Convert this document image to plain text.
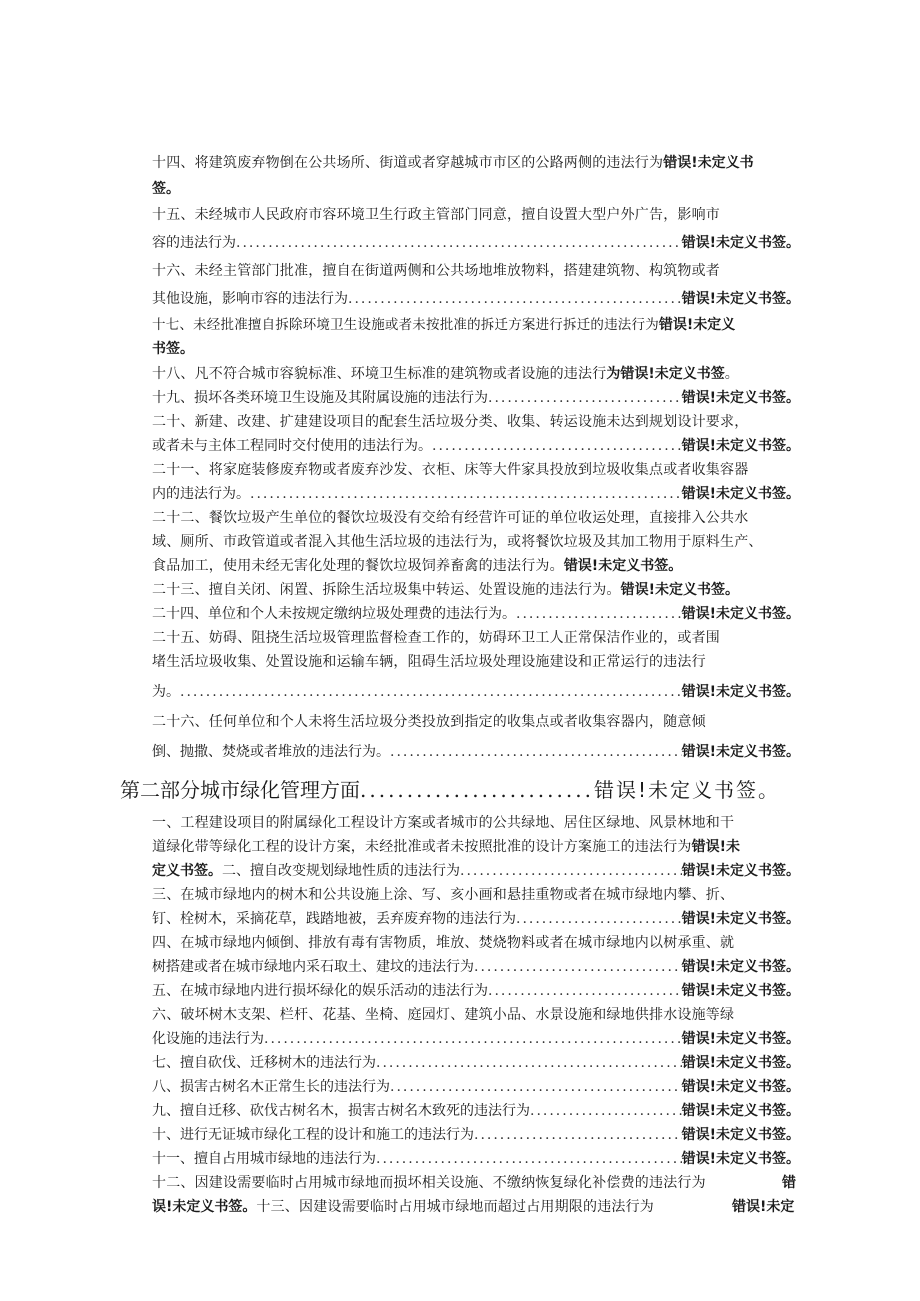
十四、将建筑废弃物倒在公共场所、街道或者穿越城市市区的公路两侧的违法行为错误!未定义书
签。
十五、未经城市人民政府市容环境卫生行政主管部门同意，擅自设置大型户外广告，影响市
容的违法行为 .....	错误!未定义书签。
十六、未经主管部门批准，擅自在街道两侧和公共场地堆放物料，搭建建筑物、构筑物或者
其他设施，影响市容的违法行为 .....	错误!未定义书签。
十七、未经批准擅自拆除环境卫生设施或者未按批准的拆迁方案进行拆迁的违法行为错误!未定义
书签。
十八、凡不符合城市容貌标准、环境卫生标准的建筑物或者设施的违法行为错误!未定义书签。
十九、损坏各类环境卫生设施及其附属设施的违法行为 .....	错误!未定义书签。
二十、新建、改建、扩建建设项目的配套生活垃圾分类、收集、转运设施未达到规划设计要求，
或者未与主体工程同时交付使用的违法行为。 .....	错误!未定义书签。
二十一、将家庭装修废弃物或者废弃沙发、衣柜、床等大件家具投放到垃圾收集点或者收集容器
内的违法行为。 .....	错误!未定义书签。
二十二、餐饮垃圾产生单位的餐饮垃圾没有交给有经营许可证的单位收运处理，直接排入公共水
域、厕所、市政管道或者混入其他生活垃圾的违法行为，或将餐饮垃圾及其加工物用于原料生产、
食品加工，使用未经无害化处理的餐饮垃圾饲养畜禽的违法行为。错误!未定义书签。
二十三、擅自关闭、闲置、拆除生活垃圾集中转运、处置设施的违法行为。错误!未定义书签。
二十四、单位和个人未按规定缴纳垃圾处理费的违法行为。 .....	错误!未定义书签。
二十五、妨碍、阻挠生活垃圾管理监督检查工作的，妨碍环卫工人正常保洁作业的，或者围
堵生活垃圾收集、处置设施和运输车辆，阻碍生活垃圾处理设施建设和正常运行的违法行
为。 .....	错误!未定义书签。
二十六、任何单位和个人未将生活垃圾分类投放到指定的收集点或者收集容器内，随意倾
倒、抛撒、焚烧或者堆放的违法行为。 .....	错误!未定义书签。
第二部分城市绿化管理方面 .....	错误!未定义书签。
一、工程建设项目的附属绿化工程设计方案或者城市的公共绿地、居住区绿地、风景林地和干
道绿化带等绿化工程的设计方案，未经批准或者未按照批准的设计方案施工的违法行为错误!未
定义书签。二、擅自改变规划绿地性质的违法行为 .....	错误!未定义书签。
三、在城市绿地内的树木和公共设施上涂、写、亥小画和悬挂重物或者在城市绿地内攀、折、
钉、栓树木，采摘花草，践踏地被，丢弃废弃物的违法行为 .....	错误!未定义书签。
四、在城市绿地内倾倒、排放有毒有害物质，堆放、焚烧物料或者在城市绿地内以树承重、就
树搭建或者在城市绿地内采石取土、建坟的违法行为 .....	错误!未定义书签。
五、在城市绿地内进行损坏绿化的娱乐活动的违法行为 .....	错误!未定义书签。
六、破坏树木支架、栏杆、花基、坐椅、庭园灯、建筑小品、水景设施和绿地供排水设施等绿
化设施的违法行为 .....	错误!未定义书签。
七、擅自砍伐、迁移树木的违法行为 .....	错误!未定义书签。
八、损害古树名木正常生长的违法行为 .....	错误!未定义书签。
九、擅自迁移、砍伐古树名木，损害古树名木致死的违法行为 .....	错误!未定义书签。
十、进行无证城市绿化工程的设计和施工的违法行为 .....	错误!未定义书签。
十一、擅自占用城市绿地的违法行为 .....	错误!未定义书签。
十二、因建设需要临时占用城市绿地而损坏相关设施、不缴纳恢复绿化补偿费的违法行为	错
误!未定义书签。十三、因建设需要临时占用城市绿地而超过占用期限的违法行为	错误!未定
